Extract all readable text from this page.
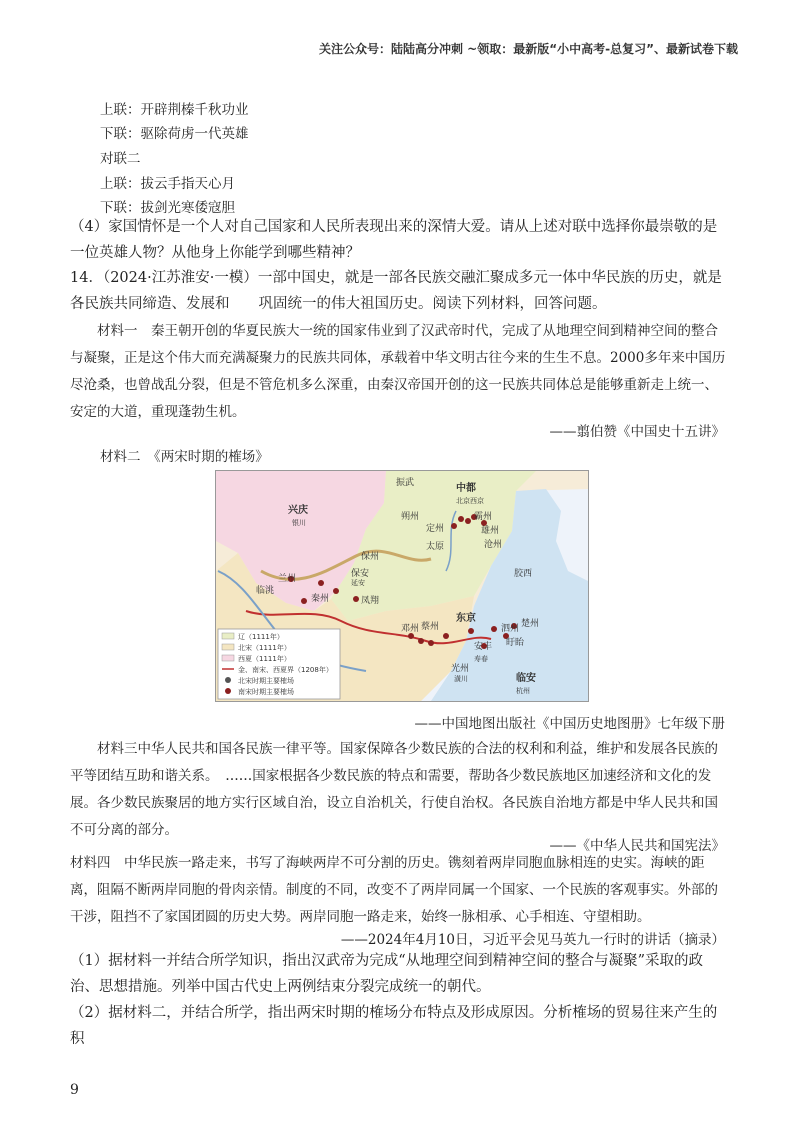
关注公众号：陆陆高分冲刺 ~领取：最新版“小中高考-总复习”、最新试卷下载
上联：开辟荆榛千秋功业
下联：驱除荷虏一代英雄
对联二
上联：拔云手指天心月
下联：拔剑光寒倭寇胆
（4）家国情怀是一个人对自己国家和人民所表现出来的深情大爱。请从上述对联中选择你最崇敬的是一位英雄人物？从他身上你能学到哪些精神？
14．（2024·江苏淮安·一模）一部中国史，就是一部各民族交融汇聚成多元一体中华民族的历史，就是各民族共同缔造、发展和　　巩固统一的伟大祖国历史。阅读下列材料，回答问题。
材料一　秦王朝开创的华夏民族大一统的国家伟业到了汉武帝时代，完成了从地理空间到精神空间的整合与凝聚，正是这个伟大而充满凝聚力的民族共同体，承载着中华文明古往今来的生生不息。2000多年来中国历尽沧桑，也曾战乱分裂，但是不管危机多么深重，由秦汉帝国开创的这一民族共同体总是能够重新走上统一、安定的大道，重现蓬勃生机。
——翦伯赞《中国史十五讲》
材料二　《两宋时期的榷场》
振武	中都
北京西京
兴庆
银川
朔州
定州
霸州
雄州
保州
太原	沧州
兰州
临洮
秦州
保安
延安
凤翔
胶西
东京
邓州 蔡州	泗州
盱眙
楚州
安丰
寿春
光州
潢川	临安
杭州
辽（1111年）
北宋（1111年）
西夏（1111年）
金、南宋、西夏界（1208年）
北宋时期主要榷场
南宋时期主要榷场
——中国地图出版社《中国历史地图册》七年级下册
材料三中华人民共和国各民族一律平等。国家保障各少数民族的合法的权利和利益，维护和发展各民族的平等团结互助和谐关系。　……国家根据各少数民族的特点和需要，帮助各少数民族地区加速经济和文化的发展。各少数民族聚居的地方实行区域自治，设立自治机关，行使自治权。各民族自治地方都是中华人民共和国不可分离的部分。
——《中华人民共和国宪法》
材料四　中华民族一路走来，书写了海峡两岸不可分割的历史。镌刻着两岸同胞血脉相连的史实。海峡的距离，阻隔不断两岸同胞的骨肉亲情。制度的不同，改变不了两岸同属一个国家、一个民族的客观事实。外部的干涉，阻挡不了家国团圆的历史大势。两岸同胞一路走来，始终一脉相承、心手相连、守望相助。
——2024年4月10日，习近平会见马英九一行时的讲话（摘录）
（1）据材料一并结合所学知识，指出汉武帝为完成“从地理空间到精神空间的整合与凝聚”采取的政治、思想措施。列举中国古代史上两例结束分裂完成统一的朝代。
（2）据材料二，并结合所学，指出两宋时期的榷场分布特点及形成原因。分析榷场的贸易往来产生的积
9
